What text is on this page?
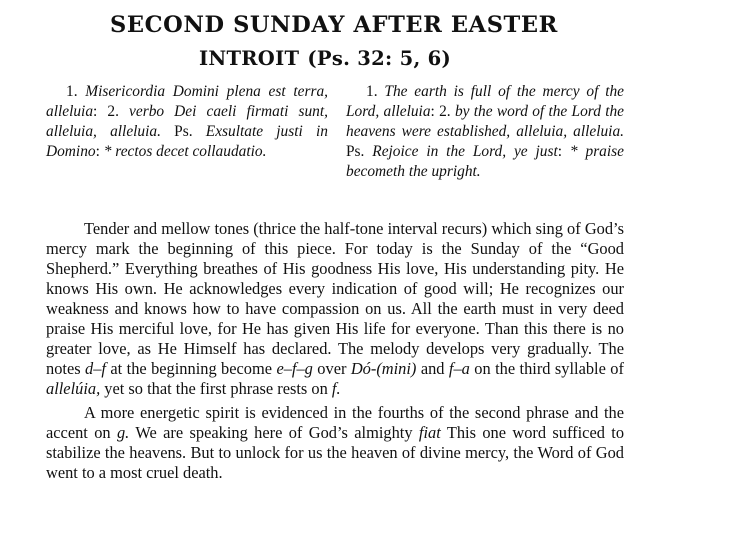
SECOND SUNDAY AFTER EASTER
INTROIT (Ps. 32: 5, 6)
1. Misericordia Domini plena est terra, alleluia: 2. verbo Dei caeli firmati sunt, alleluia, alleluia. Ps. Exsultate justi in Domino: * rectos decet collaudatio.
1. The earth is full of the mercy of the Lord, alleluia: 2. by the word of the Lord the heavens were established, alleluia, alleluia. Ps. Rejoice in the Lord, ye just: * praise becometh the upright.

Tender and mellow tones (thrice the half-tone interval recurs) which sing of God’s mercy mark the beginning of this piece. For today is the Sunday of the “Good Shepherd.” Everything breathes of His goodness His love, His understanding pity. He knows His own. He acknowledges every indication of good will; He recognizes our weakness and knows how to have compassion on us. All the earth must in very deed praise His merciful love, for He has given His life for everyone. Than this there is no greater love, as He Himself has declared. The melody develops very gradually. The notes d–f at the beginning become e–f–g over Dó-(mini) and f–a on the third syllable of allelúia, yet so that the first phrase rests on f.

A more energetic spirit is evidenced in the fourths of the second phrase and the accent on g. We are speaking here of God’s almighty fiat This one word sufficed to stabilize the heavens. But to unlock for us the heaven of divine mercy, the Word of God went to a most cruel death.
